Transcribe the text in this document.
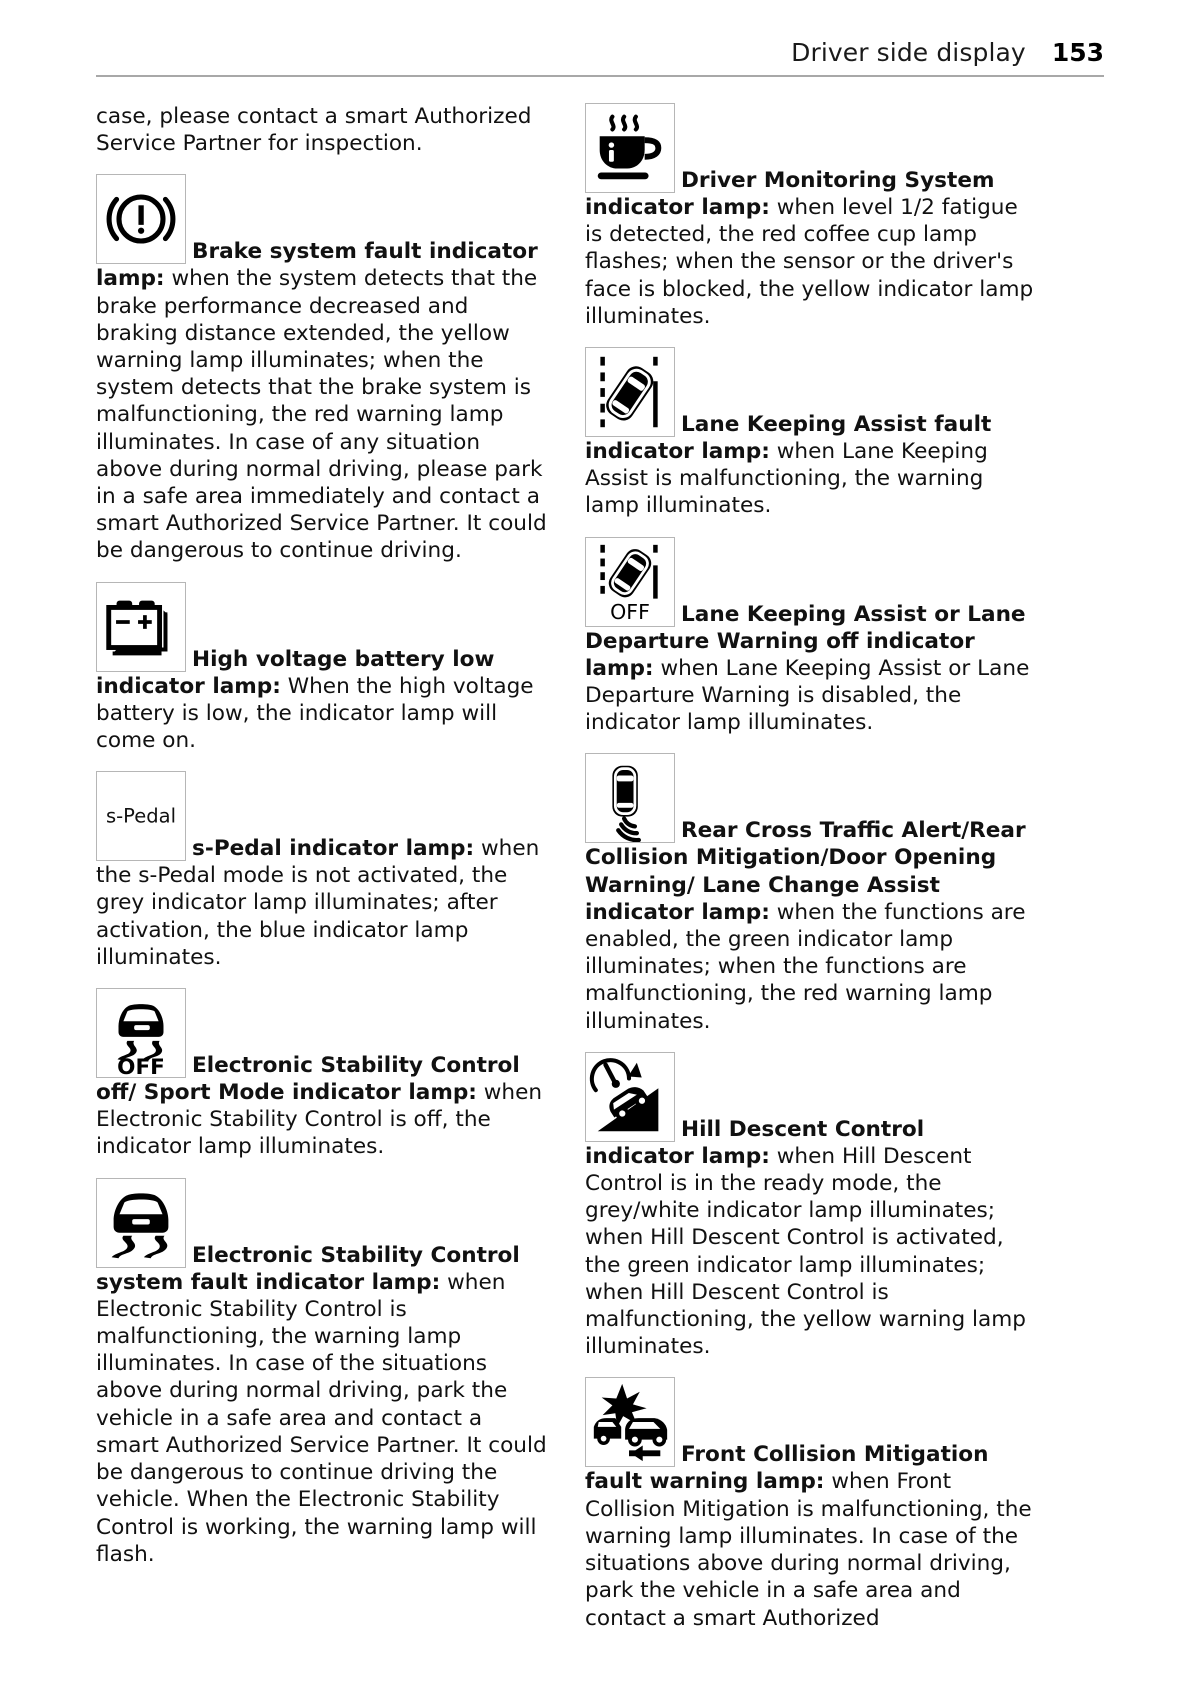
Driver side display 153

case, please contact a smart Authorized Service Partner for inspection.

Brake system fault indicator lamp: when the system detects that the brake performance decreased and braking distance extended, the yellow warning lamp illuminates; when the system detects that the brake system is malfunctioning, the red warning lamp illuminates. In case of any situation above during normal driving, please park in a safe area immediately and contact a smart Authorized Service Partner. It could be dangerous to continue driving.

High voltage battery low indicator lamp: When the high voltage battery is low, the indicator lamp will come on.

s-Pedal
s-Pedal indicator lamp: when the s-Pedal mode is not activated, the grey indicator lamp illuminates; after activation, the blue indicator lamp illuminates.

OFF Electronic Stability Control off/ Sport Mode indicator lamp: when Electronic Stability Control is off, the indicator lamp illuminates.

Electronic Stability Control system fault indicator lamp: when Electronic Stability Control is malfunctioning, the warning lamp illuminates. In case of the situations above during normal driving, park the vehicle in a safe area and contact a smart Authorized Service Partner. It could be dangerous to continue driving the vehicle. When the Electronic Stability Control is working, the warning lamp will flash.

Driver Monitoring System indicator lamp: when level 1/2 fatigue is detected, the red coffee cup lamp flashes; when the sensor or the driver's face is blocked, the yellow indicator lamp illuminates.

Lane Keeping Assist fault indicator lamp: when Lane Keeping Assist is malfunctioning, the warning lamp illuminates.

OFF Lane Keeping Assist or Lane Departure Warning off indicator lamp: when Lane Keeping Assist or Lane Departure Warning is disabled, the indicator lamp illuminates.

Rear Cross Traffic Alert/Rear Collision Mitigation/Door Opening Warning/ Lane Change Assist indicator lamp: when the functions are enabled, the green indicator lamp illuminates; when the functions are malfunctioning, the red warning lamp illuminates.

Hill Descent Control indicator lamp: when Hill Descent Control is in the ready mode, the grey/white indicator lamp illuminates; when Hill Descent Control is activated, the green indicator lamp illuminates; when Hill Descent Control is malfunctioning, the yellow warning lamp illuminates.

Front Collision Mitigation fault warning lamp: when Front Collision Mitigation is malfunctioning, the warning lamp illuminates. In case of the situations above during normal driving, park the vehicle in a safe area and contact a smart Authorized
